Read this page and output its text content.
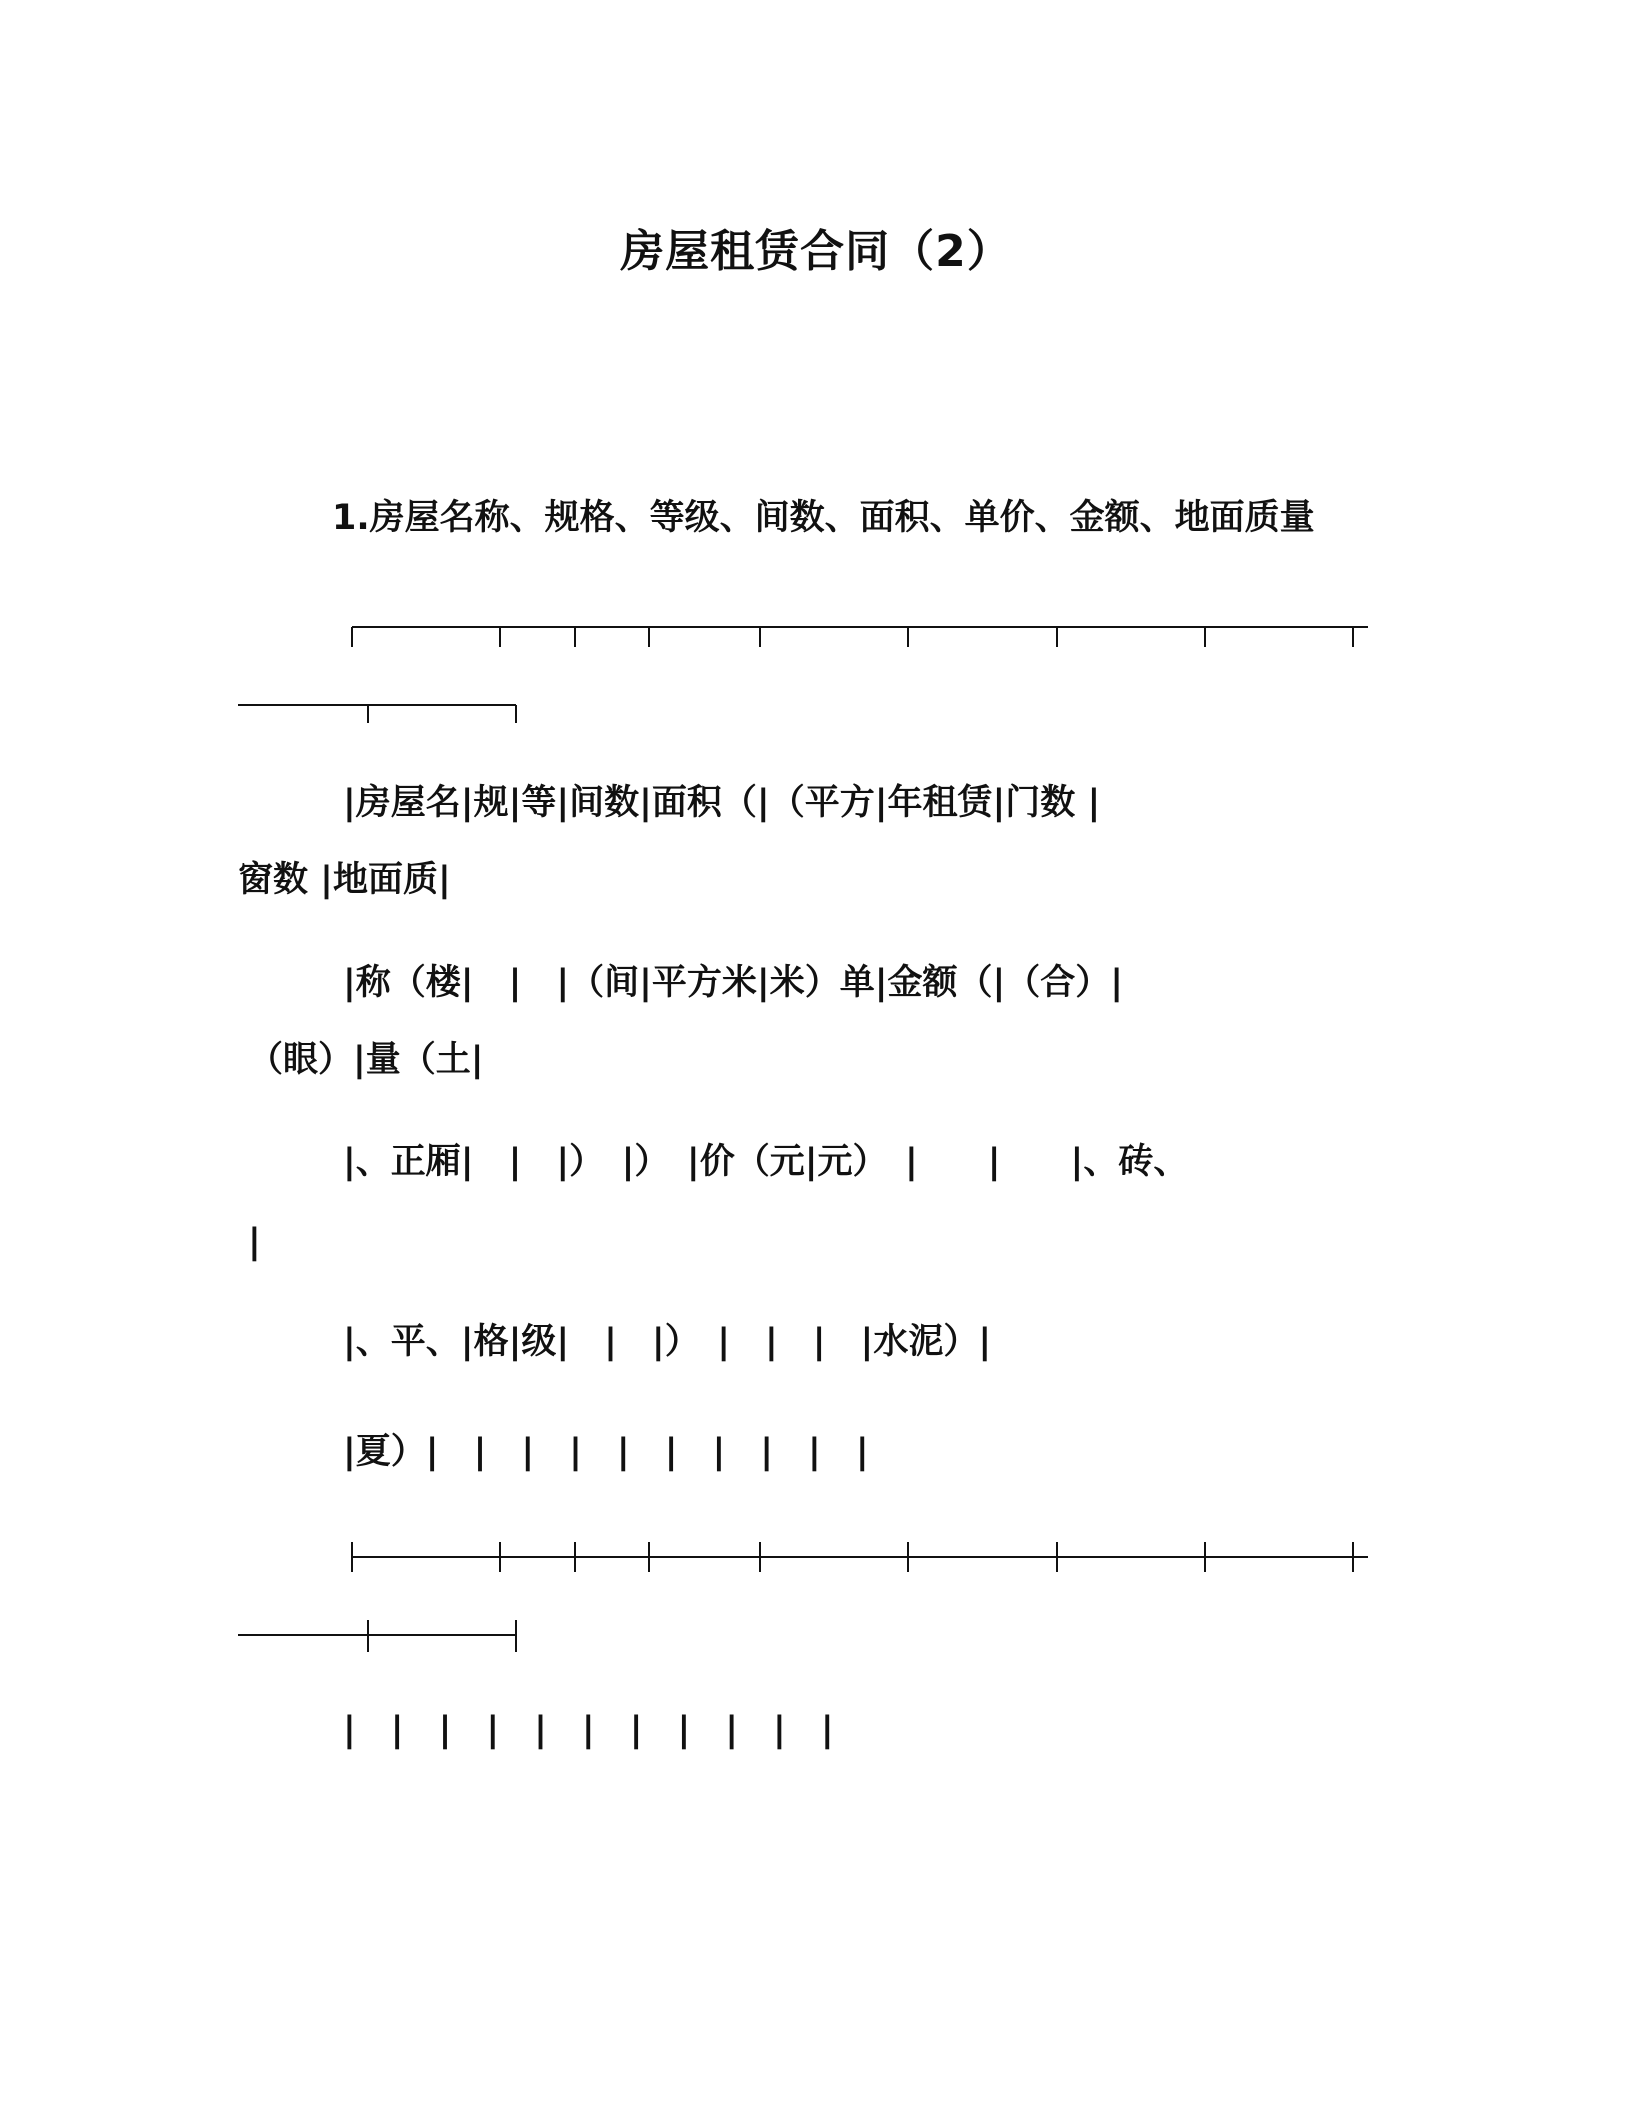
房屋租赁合同（2）
1.房屋名称、规格、等级、间数、面积、单价、金额、地面质量
|房屋名|规|等|间数|面积（|（平方|年租赁|门数 |
窗数 |地面质|
|称（楼|　|　|（间|平方米|米）单|金额（|（合）|
（眼）|量（土|
|、正厢|　|　|）　|）　|价（元|元）　|　　|　　|、砖、
|
|、平、|格|级|　|　|）　|　|　|　|水泥）|
|夏）|　|　|　|　|　|　|　|　|　|
|　|　|　|　|　|　|　|　|　|　|
